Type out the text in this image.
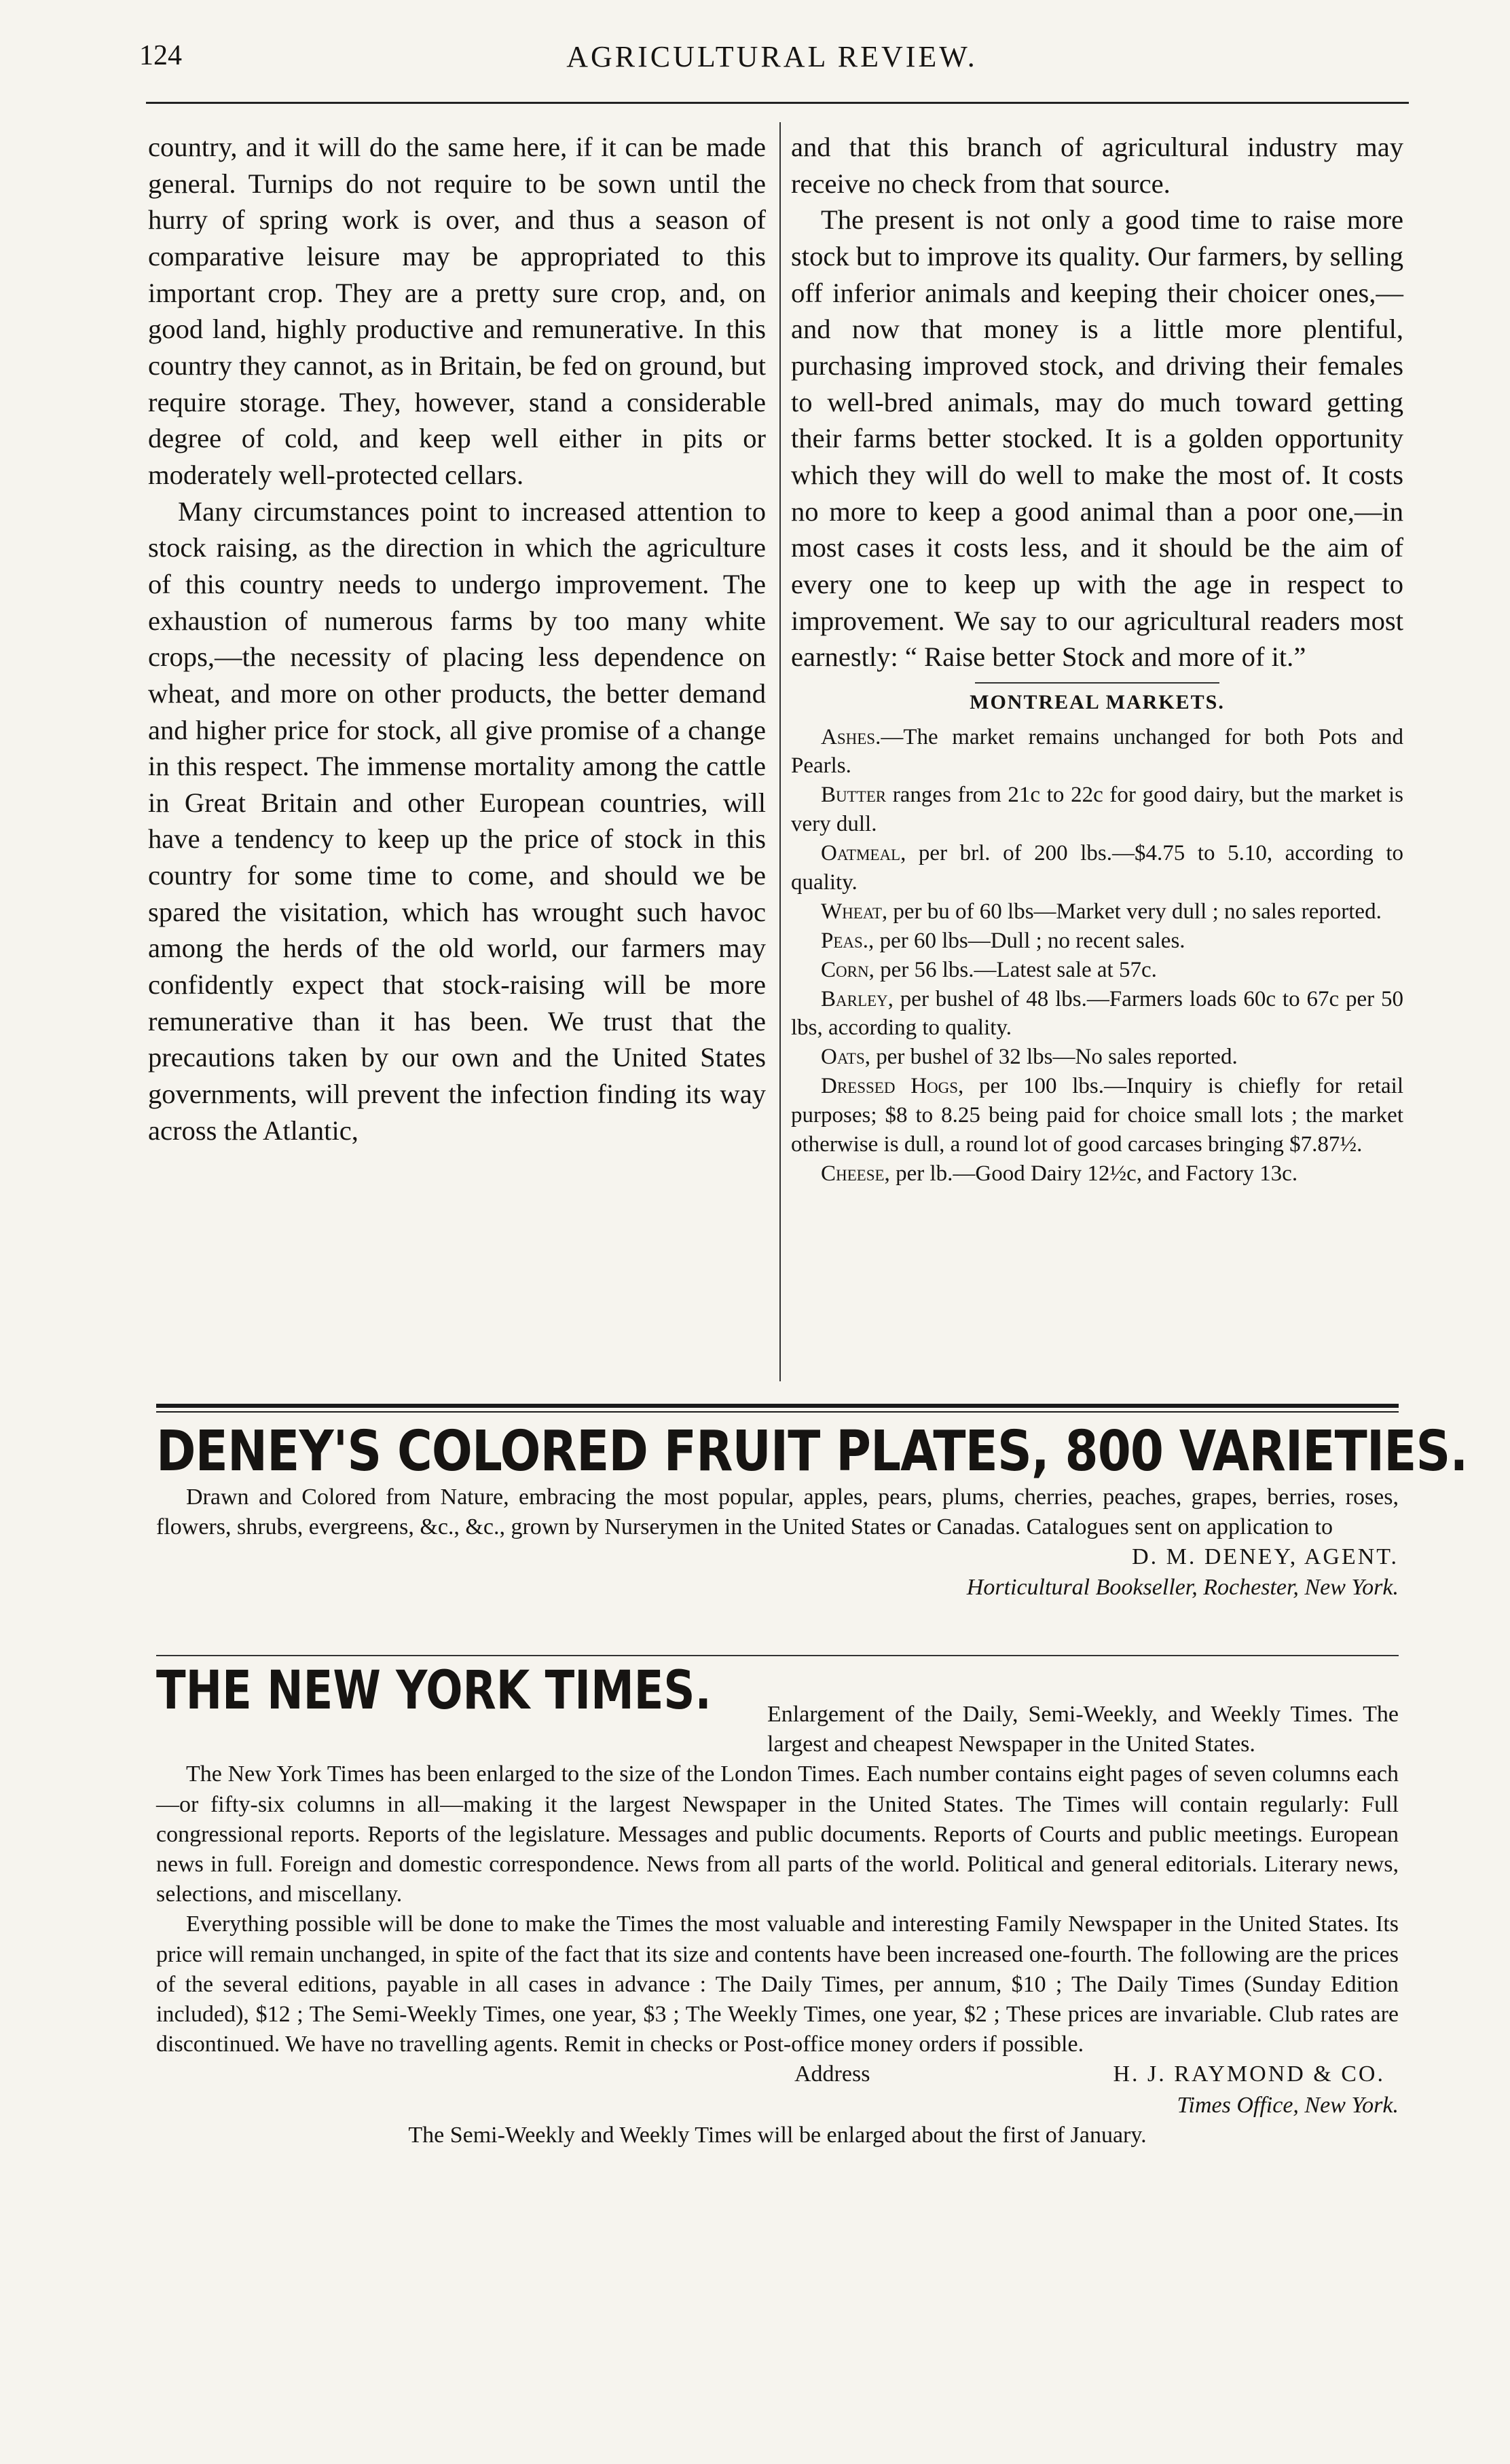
124	AGRICULTURAL REVIEW.

country, and it will do the same here, if it can be made general. Turnips do not require to be sown until the hurry of spring work is over, and thus a season of comparative leisure may be appropriated to this important crop. They are a pretty sure crop, and, on good land, highly productive and remunerative. In this country they cannot, as in Britain, be fed on ground, but require storage. They, however, stand a considerable degree of cold, and keep well either in pits or moderately well-protected cellars.

Many circumstances point to increased attention to stock raising, as the direction in which the agriculture of this country needs to undergo improvement. The exhaustion of numerous farms by too many white crops,—the necessity of placing less dependence on wheat, and more on other products, the better demand and higher price for stock, all give promise of a change in this respect. The immense mortality among the cattle in Great Britain and other European countries, will have a tendency to keep up the price of stock in this country for some time to come, and should we be spared the visitation, which has wrought such havoc among the herds of the old world, our farmers may confidently expect that stock-raising will be more remunerative than it has been. We trust that the precautions taken by our own and the United States governments, will prevent the infection finding its way across the Atlantic,

and that this branch of agricultural industry may receive no check from that source.

The present is not only a good time to raise more stock but to improve its quality. Our farmers, by selling off inferior animals and keeping their choicer ones,—and now that money is a little more plentiful, purchasing improved stock, and driving their females to well-bred animals, may do much toward getting their farms better stocked. It is a golden opportunity which they will do well to make the most of. It costs no more to keep a good animal than a poor one,—in most cases it costs less, and it should be the aim of every one to keep up with the age in respect to improvement. We say to our agricultural readers most earnestly: “ Raise better Stock and more of it.”

MONTREAL MARKETS.

Ashes.—The market remains unchanged for both Pots and Pearls.

Butter ranges from 21c to 22c for good dairy, but the market is very dull.

Oatmeal, per brl. of 200 lbs.—$4.75 to 5.10, according to quality.

Wheat, per bu of 60 lbs—Market very dull ; no sales reported.

Peas., per 60 lbs—Dull ; no recent sales.

Corn, per 56 lbs.—Latest sale at 57c.

Barley, per bushel of 48 lbs.—Farmers loads 60c to 67c per 50 lbs, according to quality.

Oats, per bushel of 32 lbs—No sales reported.

Dressed Hogs, per 100 lbs.—Inquiry is chiefly for retail purposes; $8 to 8.25 being paid for choice small lots ; the market otherwise is dull, a round lot of good carcases bringing $7.87½.

Cheese, per lb.—Good Dairy 12½c, and Factory 13c.

DENEY'S COLORED FRUIT PLATES, 800 VARIETIES.

Drawn and Colored from Nature, embracing the most popular, apples, pears, plums, cherries, peaches, grapes, berries, roses, flowers, shrubs, evergreens, &c., &c., grown by Nurserymen in the United States or Canadas. Catalogues sent on application to

D. M. DENEY, AGENT.

Horticultural Bookseller, Rochester, New York.

THE NEW YORK TIMES.	Enlargement of the Daily, Semi-Weekly, and Weekly Times. The largest and cheapest Newspaper in the United States.

The New York Times has been enlarged to the size of the London Times. Each number contains eight pages of seven columns each—or fifty-six columns in all—making it the largest Newspaper in the United States. The Times will contain regularly: Full congressional reports. Reports of the legislature. Messages and public documents. Reports of Courts and public meetings. European news in full. Foreign and domestic correspondence. News from all parts of the world. Political and general editorials. Literary news, selections, and miscellany.

Everything possible will be done to make the Times the most valuable and interesting Family Newspaper in the United States. Its price will remain unchanged, in spite of the fact that its size and contents have been increased one-fourth. The following are the prices of the several editions, payable in all cases in advance : The Daily Times, per annum, $10 ; The Daily Times (Sunday Edition included), $12 ; The Semi-Weekly Times, one year, $3 ; The Weekly Times, one year, $2 ; These prices are invariable. Club rates are discontinued. We have no travelling agents. Remit in checks or Post-office money orders if possible.

Address	H. J. RAYMOND & CO.

Times Office, New York.

The Semi-Weekly and Weekly Times will be enlarged about the first of January.
